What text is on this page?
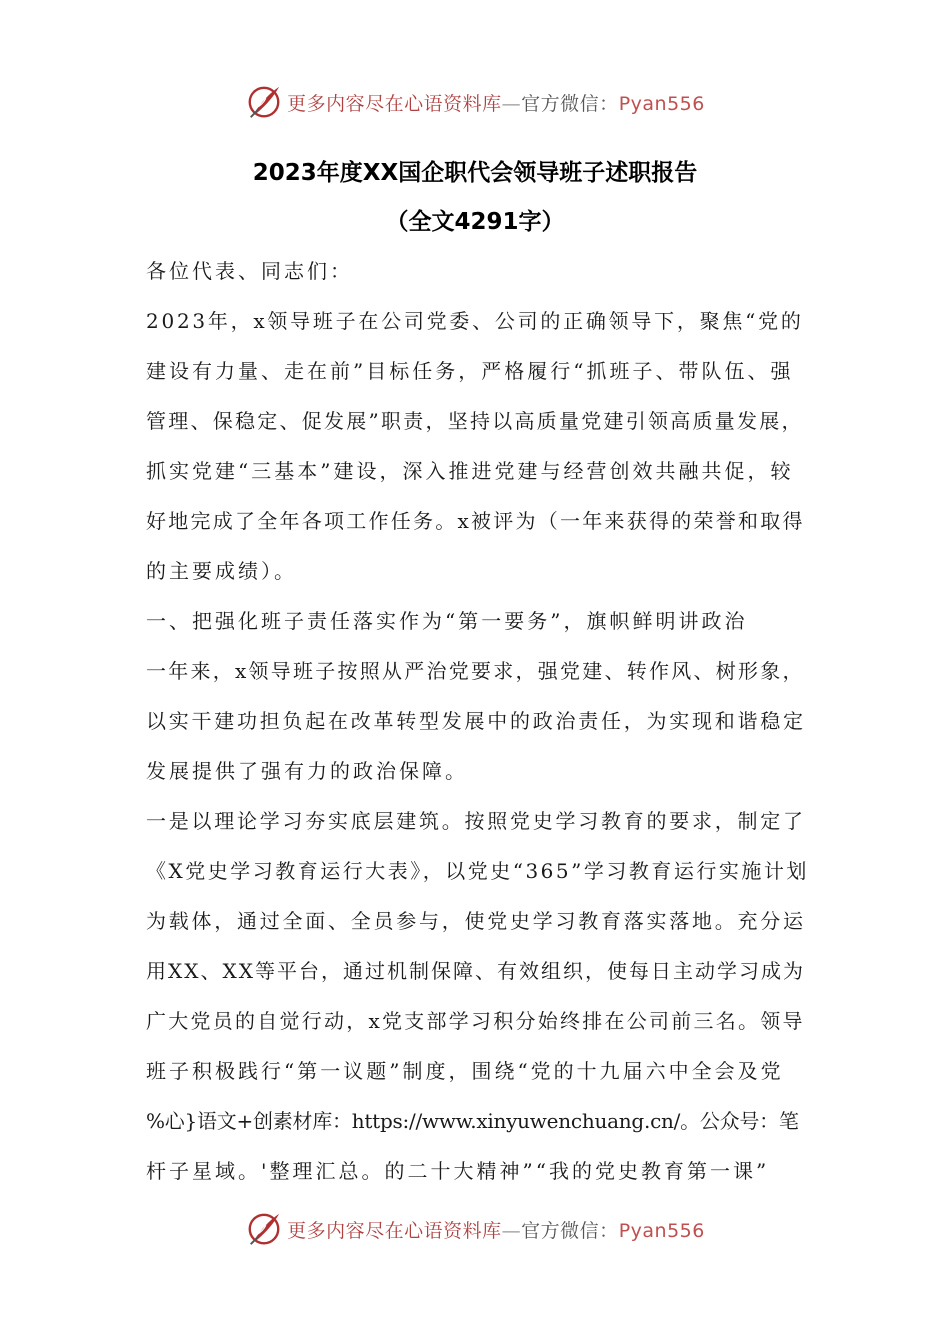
更多内容尽在心语资料库—官方微信：Pyan556
2023年度XX国企职代会领导班子述职报告
（全文4291字）
各位代表、同志们：
2023年，x领导班子在公司党委、公司的正确领导下，聚焦“党的
建设有力量、走在前”目标任务，严格履行“抓班子、带队伍、强
管理、保稳定、促发展”职责，坚持以高质量党建引领高质量发展，
抓实党建“三基本”建设，深入推进党建与经营创效共融共促，较
好地完成了全年各项工作任务。x被评为（一年来获得的荣誉和取得
的主要成绩）。
一、把强化班子责任落实作为“第一要务”，旗帜鲜明讲政治
一年来，x领导班子按照从严治党要求，强党建、转作风、树形象，
以实干建功担负起在改革转型发展中的政治责任，为实现和谐稳定
发展提供了强有力的政治保障。
一是以理论学习夯实底层建筑。按照党史学习教育的要求，制定了
《X党史学习教育运行大表》，以党史“365”学习教育运行实施计划
为载体，通过全面、全员参与，使党史学习教育落实落地。充分运
用XX、XX等平台，通过机制保障、有效组织，使每日主动学习成为
广大党员的自觉行动，x党支部学习积分始终排在公司前三名。领导
班子积极践行“第一议题”制度，围绕“党的十九届六中全会及党
%心}语文+创素材库：https://www.xinyuwenchuang.cn/。公众号：笔
杆子星域。'整理汇总。的二十大精神”“我的党史教育第一课”
更多内容尽在心语资料库—官方微信：Pyan556
